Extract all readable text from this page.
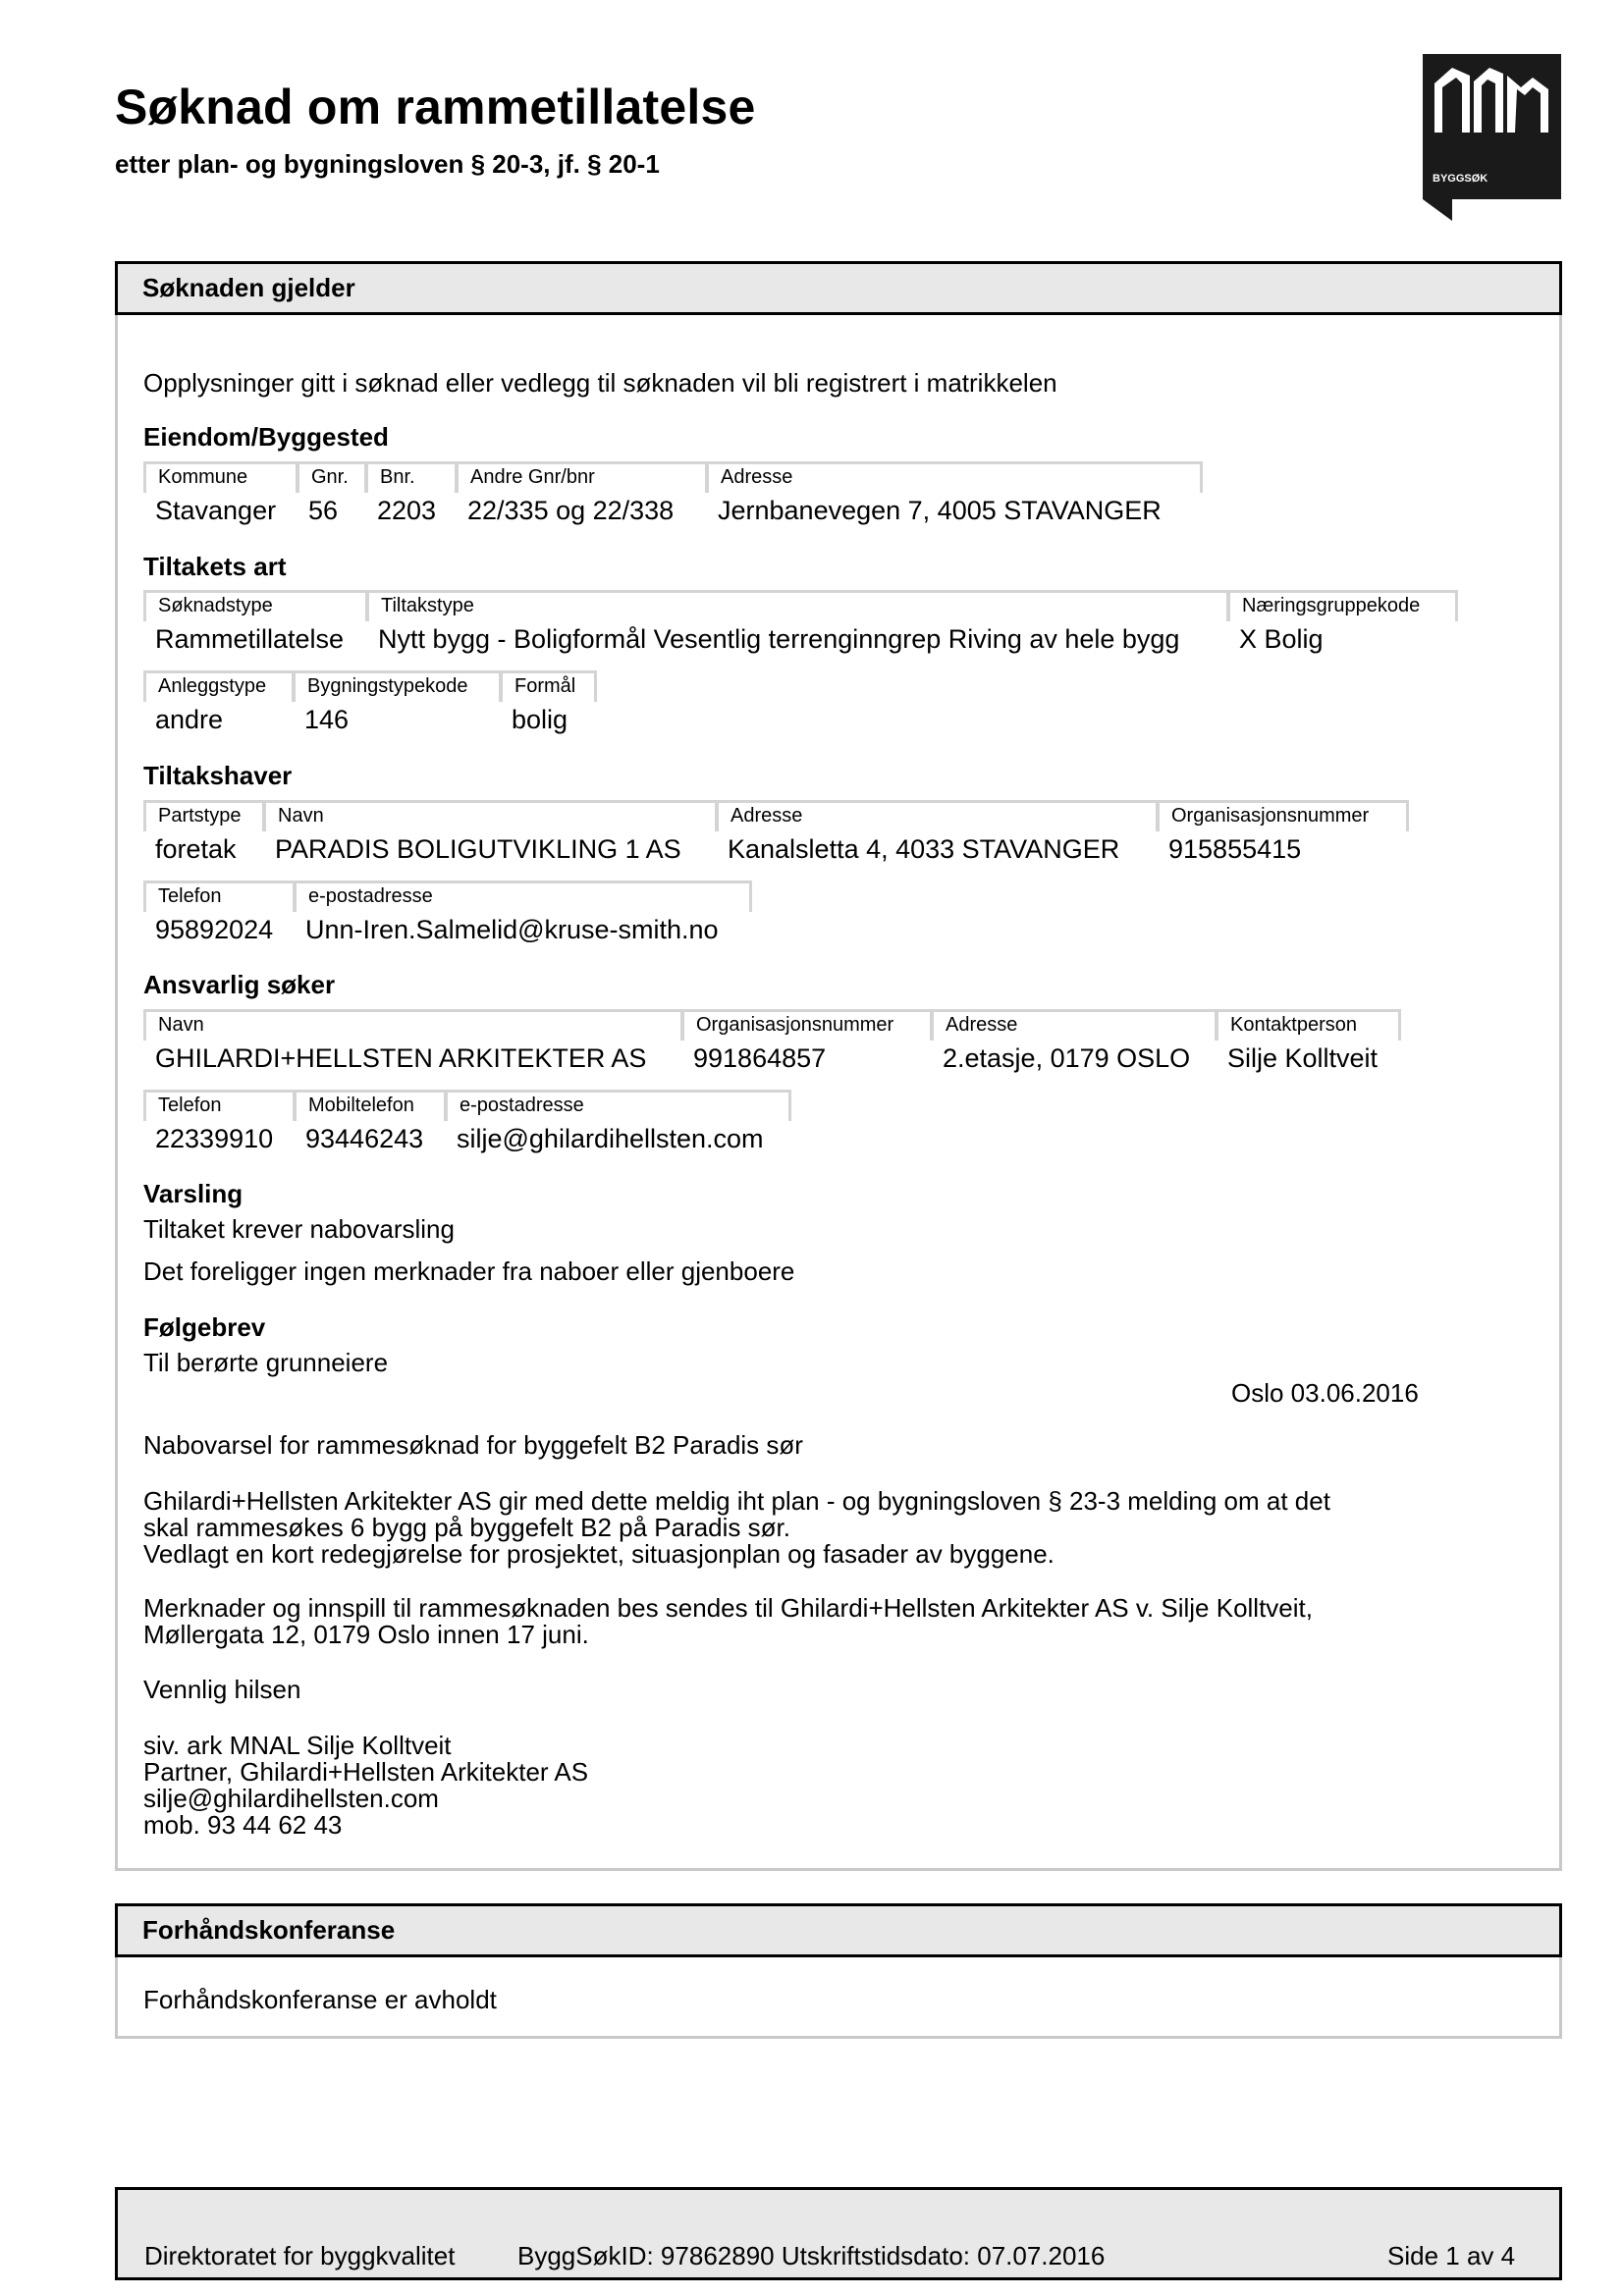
Søknad om rammetillatelse

etter plan- og bygningsloven § 20-3, jf. § 20-1	BYGGSØK
Søknaden gjelder
Opplysninger gitt i søknad eller vedlegg til søknaden vil bli registrert i matrikkelen
Eiendom/Byggested
Kommune
Stavanger
Gnr.
56
Bnr.
2203
Andre Gnr/bnr
22/335 og 22/338
Adresse
Jernbanevegen 7, 4005 STAVANGER
Tiltakets art
Søknadstype
Rammetillatelse
Tiltakstype
Nytt bygg - Boligformål Vesentlig terrenginngrep Riving av hele bygg
Næringsgruppekode
X Bolig
Anleggstype
andre
Bygningstypekode
146
Formål
bolig
Tiltakshaver
Partstype
foretak
Navn
PARADIS BOLIGUTVIKLING 1 AS
Adresse
Kanalsletta 4, 4033 STAVANGER
Organisasjonsnummer
915855415
Telefon
95892024
e-postadresse
Unn-Iren.Salmelid@kruse-smith.no
Ansvarlig søker
Navn
GHILARDI+HELLSTEN ARKITEKTER AS
Organisasjonsnummer
991864857
Adresse
2.etasje, 0179 OSLO
Kontaktperson
Silje Kolltveit
Telefon
22339910
Mobiltelefon
93446243
e-postadresse
silje@ghilardihellsten.com
Varsling
Tiltaket krever nabovarsling
Det foreligger ingen merknader fra naboer eller gjenboere
Følgebrev
Til berørte grunneiere
Oslo 03.06.2016
Nabovarsel for rammesøknad for byggefelt B2 Paradis sør
Ghilardi+Hellsten Arkitekter AS gir med dette meldig iht plan - og bygningsloven § 23-3 melding om at det
skal rammesøkes 6 bygg på byggefelt B2 på Paradis sør.
Vedlagt en kort redegjørelse for prosjektet, situasjonplan og fasader av byggene.
Merknader og innspill til rammesøknaden bes sendes til Ghilardi+Hellsten Arkitekter AS v. Silje Kolltveit,
Møllergata 12, 0179 Oslo innen 17 juni.
Vennlig hilsen
siv. ark MNAL Silje Kolltveit
Partner, Ghilardi+Hellsten Arkitekter AS
silje@ghilardihellsten.com
mob. 93 44 62 43
Forhåndskonferanse
Forhåndskonferanse er avholdt
Direktoratet for byggkvalitet ByggSøkID: 97862890 Utskriftstidsdato: 07.07.2016	Side 1 av 4
